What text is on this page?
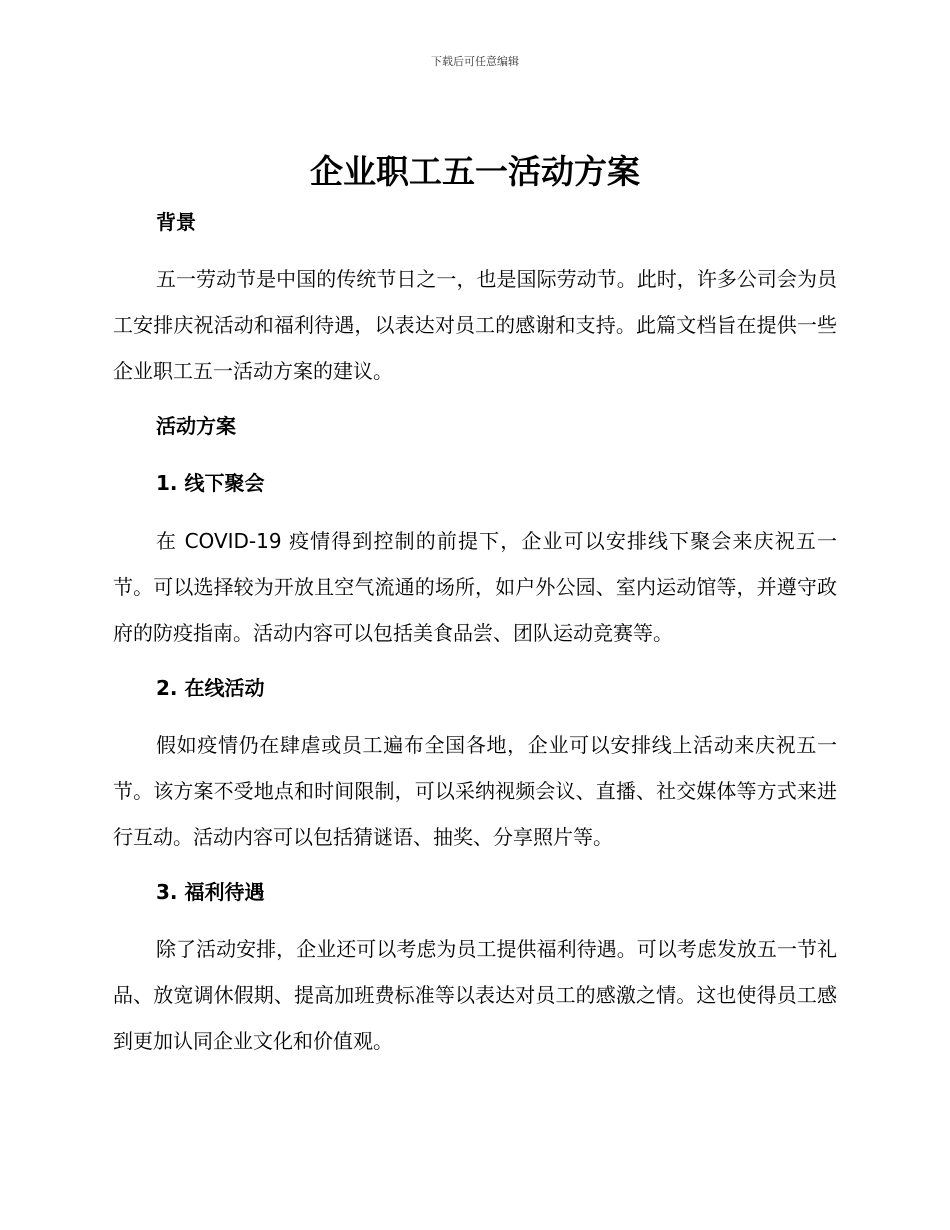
下载后可任意编辑
企业职工五一活动方案
背景

五一劳动节是中国的传统节日之一，也是国际劳动节。此时，许多公司会为员工安排庆祝活动和福利待遇，以表达对员工的感谢和支持。此篇文档旨在提供一些企业职工五一活动方案的建议。

活动方案
1. 线下聚会

在 COVID-19 疫情得到控制的前提下，企业可以安排线下聚会来庆祝五一节。可以选择较为开放且空气流通的场所，如户外公园、室内运动馆等，并遵守政府的防疫指南。活动内容可以包括美食品尝、团队运动竞赛等。

2. 在线活动

假如疫情仍在肆虐或员工遍布全国各地，企业可以安排线上活动来庆祝五一节。该方案不受地点和时间限制，可以采纳视频会议、直播、社交媒体等方式来进行互动。活动内容可以包括猜谜语、抽奖、分享照片等。

3. 福利待遇

除了活动安排，企业还可以考虑为员工提供福利待遇。可以考虑发放五一节礼品、放宽调休假期、提高加班费标准等以表达对员工的感激之情。这也使得员工感到更加认同企业文化和价值观。
